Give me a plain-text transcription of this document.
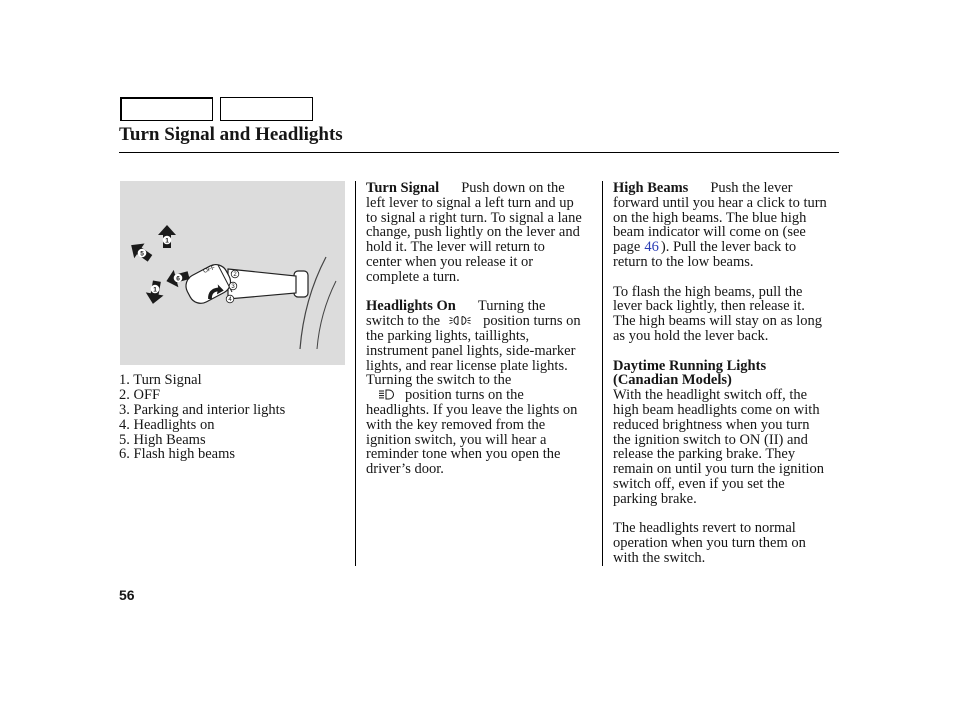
Turn Signal and Headlights
OFF
1
5
6
1
2
3
4
1. Turn Signal
2. OFF
3. Parking and interior lights
4. Headlights on
5. High Beams
6. Flash high beams
Turn Signal Push down on the
left lever to signal a left turn and up
to signal a right turn. To signal a lane
change, push lightly on the lever and
hold it. The lever will return to
center when you release it or
complete a turn.
Headlights On Turning the
switch to the	position turns on
the parking lights, taillights,
instrument panel lights, side-marker
lights, and rear license plate lights.
Turning the switch to the
position turns on the
headlights. If you leave the lights on
with the key removed from the
ignition switch, you will hear a
reminder tone when you open the
driver’s door.
High Beams Push the lever
forward until you hear a click to turn
on the high beams. The blue high
beam indicator will come on (see
page 46 ). Pull the lever back to
return to the low beams.
To flash the high beams, pull the
lever back lightly, then release it.
The high beams will stay on as long
as you hold the lever back.
Daytime Running Lights
(Canadian Models)
With the headlight switch off, the
high beam headlights come on with
reduced brightness when you turn
the ignition switch to ON (II) and
release the parking brake. They
remain on until you turn the ignition
switch off, even if you set the
parking brake.
The headlights revert to normal
operation when you turn them on
with the switch.
56
